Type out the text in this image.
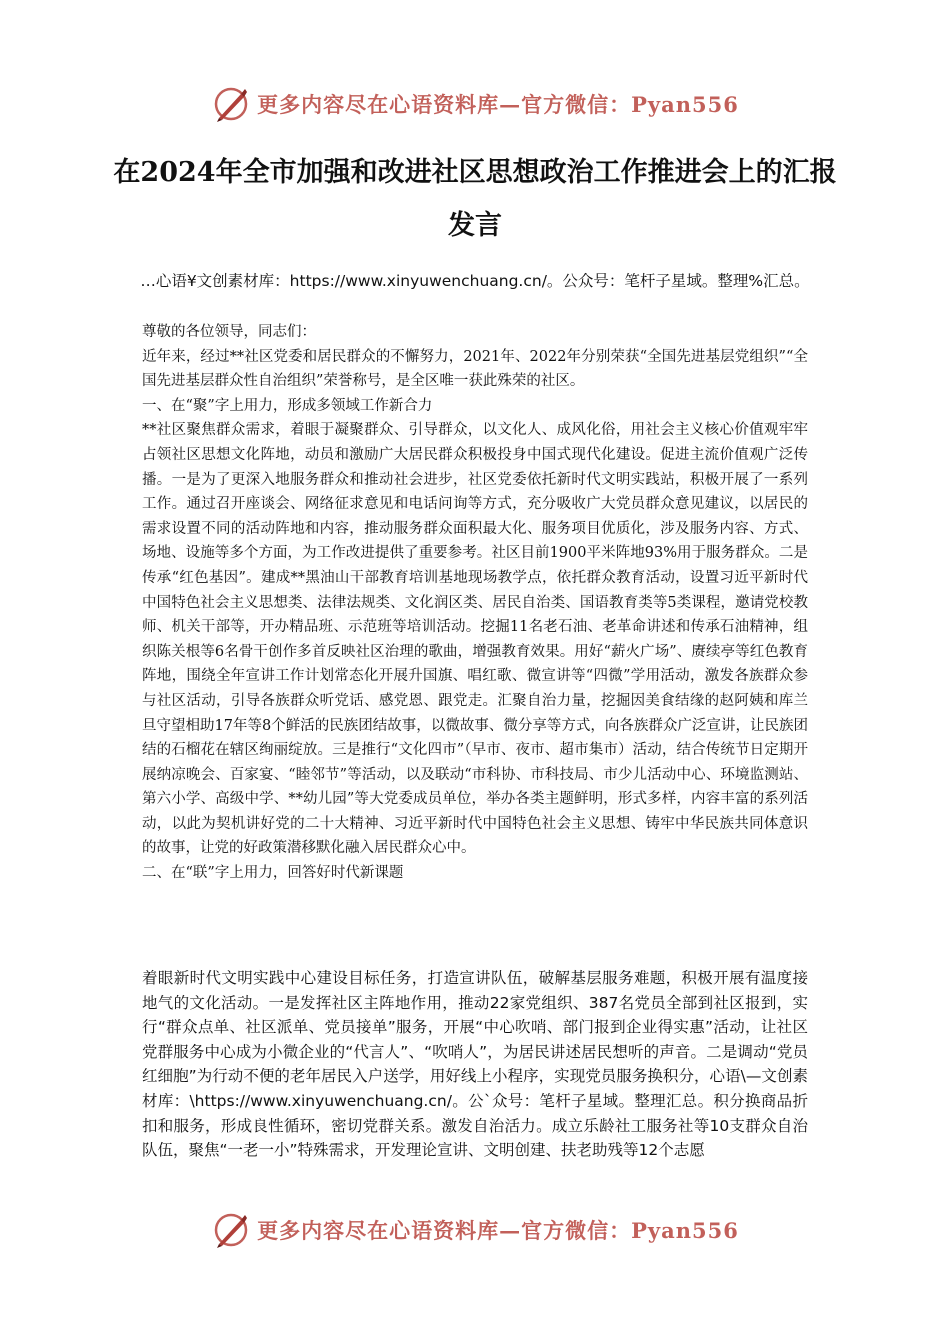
更多内容尽在心语资料库—官方微信：Pyan556
在2024年全市加强和改进社区思想政治工作推进会上的汇报发言
…心语¥文创素材库：https://www.xinyuwenchuang.cn/。公众号：笔杆子星域。整理%汇总。

尊敬的各位领导，同志们：

近年来，经过**社区党委和居民群众的不懈努力，2021年、2022年分别荣获“全国先进基层党组织”“全国先进基层群众性自治组织”荣誉称号，是全区唯一获此殊荣的社区。

一、在“聚”字上用力，形成多领域工作新合力

**社区聚焦群众需求，着眼于凝聚群众、引导群众，以文化人、成风化俗，用社会主义核心价值观牢牢占领社区思想文化阵地，动员和激励广大居民群众积极投身中国式现代化建设。促进主流价值观广泛传播。一是为了更深入地服务群众和推动社会进步，社区党委依托新时代文明实践站，积极开展了一系列工作。通过召开座谈会、网络征求意见和电话问询等方式，充分吸收广大党员群众意见建议，以居民的需求设置不同的活动阵地和内容，推动服务群众面积最大化、服务项目优质化，涉及服务内容、方式、场地、设施等多个方面，为工作改进提供了重要参考。社区目前1900平米阵地93%用于服务群众。二是传承“红色基因”。建成**黑油山干部教育培训基地现场教学点，依托群众教育活动，设置习近平新时代中国特色社会主义思想类、法律法规类、文化润区类、居民自治类、国语教育类等5类课程，邀请党校教师、机关干部等，开办精品班、示范班等培训活动。挖掘11名老石油、老革命讲述和传承石油精神，组织陈关根等6名骨干创作多首反映社区治理的歌曲，增强教育效果。用好“薪火广场”、赓续亭等红色教育阵地，围绕全年宣讲工作计划常态化开展升国旗、唱红歌、微宣讲等“四微”学用活动，激发各族群众参与社区活动，引导各族群众听党话、感党恩、跟党走。汇聚自治力量，挖掘因美食结缘的赵阿姨和库兰旦守望相助17年等8个鲜活的民族团结故事，以微故事、微分享等方式，向各族群众广泛宣讲，让民族团结的石榴花在辖区绚丽绽放。三是推行“文化四市”（早市、夜市、超市集市）活动，结合传统节日定期开展纳凉晚会、百家宴、“睦邻节”等活动，以及联动“市科协、市科技局、市少儿活动中心、环境监测站、第六小学、高级中学、**幼儿园”等大党委成员单位，举办各类主题鲜明，形式多样，内容丰富的系列活动，以此为契机讲好党的二十大精神、习近平新时代中国特色社会主义思想、铸牢中华民族共同体意识的故事，让党的好政策潜移默化融入居民群众心中。

二、在“联”字上用力，回答好时代新课题

着眼新时代文明实践中心建设目标任务，打造宣讲队伍，破解基层服务难题，积极开展有温度接地气的文化活动。一是发挥社区主阵地作用，推动22家党组织、387名党员全部到社区报到，实行“群众点单、社区派单、党员接单”服务，开展“中心吹哨、部门报到企业得实惠”活动，让社区党群服务中心成为小微企业的“代言人”、“吹哨人”，为居民讲述居民想听的声音。二是调动“党员红细胞”为行动不便的老年居民入户送学，用好线上小程序，实现党员服务换积分，心语\—文创素材库：\https://www.xinyuwenchuang.cn/。公`众号：笔杆子星域。整理汇总。积分换商品折扣和服务，形成良性循环，密切党群关系。激发自治活力。成立乐龄社工服务社等10支群众自治队伍，聚焦“一老一小”特殊需求，开发理论宣讲、文明创建、扶老助残等12个志愿

更多内容尽在心语资料库—官方微信：Pyan556
